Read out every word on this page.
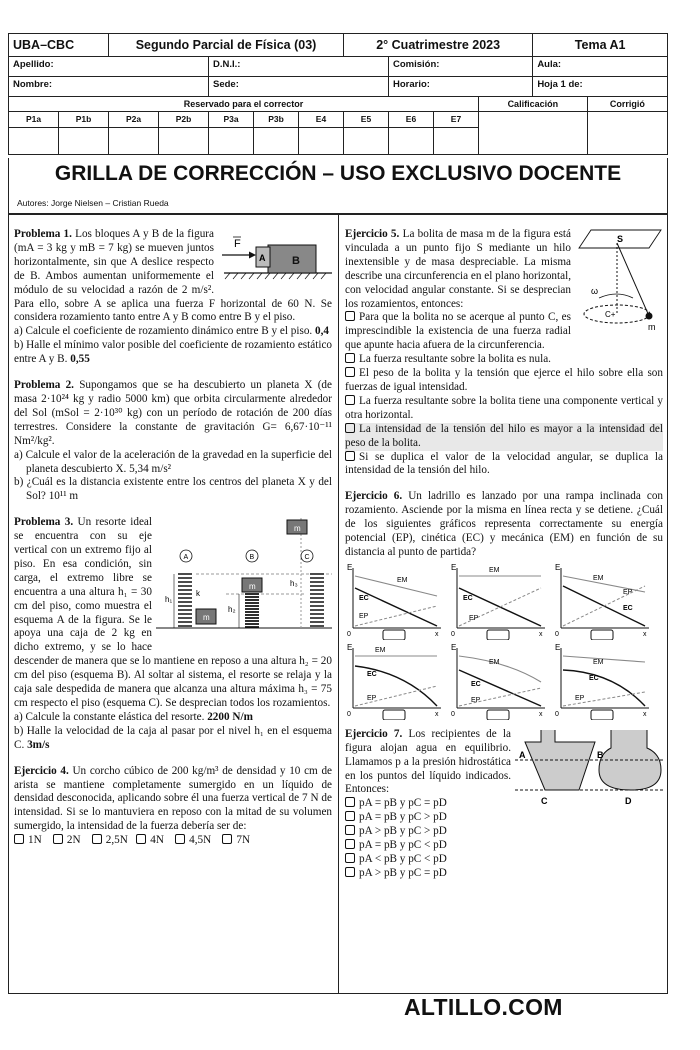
UBA–CBC		Segundo Parcial de Física (03)					2° Cuatrimestre 2023				Tema A1	
Apellido:				D.N.I.:				Comisión:			Aula:	
Nombre:				Sede:				Horario:			Hoja 1 de:	
Reservado para el corrector										Calificación		Corrigió
P1a	P1b	P2a	P2b	P3a	P3b	E4	E5	E6	E7			

GRILLA DE CORRECCIÓN – USO EXCLUSIVO DOCENTE
Autores: Jorge Nielsen – Cristian Rueda
B
A
F

Problema 1. Los bloques A y B de la figura (mA = 3 kg y mB = 7 kg) se mueven juntos horizontalmente, sin que A deslice respecto de B. Ambos aumentan uniformemente el módulo de su velocidad a razón de 2 m/s². Para ello, sobre A se aplica una fuerza F horizontal de 60 N. Se considera rozamiento tanto entre A y B como entre B y el piso.

a) Calcule el coeficiente de rozamiento dinámico entre B y el piso. 0,4

b) Halle el mínimo valor posible del coeficiente de rozamiento estático entre A y B. 0,55

Problema 2. Supongamos que se ha descubierto un planeta X (de masa 2·10²⁴ kg y radio 5000 km) que orbita circularmente alrededor del Sol (mSol = 2·10³⁰ kg) con un período de rotación de 200 días terrestres. Considere la constante de gravitación G= 6,67·10⁻¹¹ Nm²/kg².

a) Calcule el valor de la aceleración de la gravedad en la superficie del planeta descubierto X. 5,34 m/s²

b) ¿Cuál es la distancia existente entre los centros del planeta X y del Sol? 10¹¹ m

m
A	B	C
h₁
k
m
m
h₂
h₃

Problema 3. Un resorte ideal se encuentra con su eje vertical con un extremo fijo al piso. En esa condición, sin carga, el extremo libre se encuentra a una altura h₁ = 30 cm del piso, como muestra el esquema A de la figura. Se le apoya una caja de 2 kg en dicho extremo, y se lo hace descender de manera que se lo mantiene en reposo a una altura h₂ = 20 cm del piso (esquema B). Al soltar al sistema, el resorte se relaja y la caja sale despedida de manera que alcanza una altura máxima h₃ = 75 cm respecto el piso (esquema C). Se desprecian todos los rozamientos.

a) Calcule la constante elástica del resorte. 2200 N/m

b) Halle la velocidad de la caja al pasar por el nivel h₁ en el esquema C. 3m/s

Ejercicio 4. Un corcho cúbico de 200 kg/m³ de densidad y 10 cm de arista se mantiene completamente sumergido en un líquido de densidad desconocida, aplicando sobre él una fuerza vertical de 7 N de intensidad. Si se lo mantuviera en reposo con la mitad de su volumen sumergido, la intensidad de la fuerza debería ser de:

1N 2N 2,5N 4N 4,5N 7N

S
m
C+
ω

Ejercicio 5. La bolita de masa m de la figura está vinculada a un punto fijo S mediante un hilo inextensible y de masa despreciable. La misma describe una circunferencia en el plano horizontal, con velocidad angular constante. Si se desprecian los rozamientos, entonces:

Para que la bolita no se acerque al punto C, es imprescindible la existencia de una fuerza radial que apunte hacia afuera de la circunferencia.

La fuerza resultante sobre la bolita es nula.

El peso de la bolita y la tensión que ejerce el hilo sobre ella son fuerzas de igual intensidad.

La fuerza resultante sobre la bolita tiene una componente vertical y otra horizontal.

La intensidad de la tensión del hilo es mayor a la intensidad del peso de la bolita.

Si se duplica el valor de la velocidad angular, se duplica la intensidad de la tensión del hilo.

Ejercicio 6. Un ladrillo es lanzado por una rampa inclinada con rozamiento. Asciende por la misma en línea recta y se detiene. ¿Cuál de los siguientes gráficos representa correctamente su energía potencial (EP), cinética (EC) y mecánica (EM) en función de su distancia al punto de partida?

E
0	x
EM
EC
EP
E
0	x
EM
EC
EP
E
0	x
EM
EC
EP
E
0	x
EM
EC
EP
E
0	x
EM
EC
EP
E
0	x
EM
EC
EP
A	B
C	D

Ejercicio 7. Los recipientes de la figura alojan agua en equilibrio. Llamamos p a la presión hidrostática en los puntos del líquido indicados. Entonces:

pA = pB y pC = pD

pA = pB y pC > pD

pA > pB y pC > pD

pA = pB y pC < pD

pA < pB y pC < pD

pA > pB y pC = pD

ALTILLO.COM
